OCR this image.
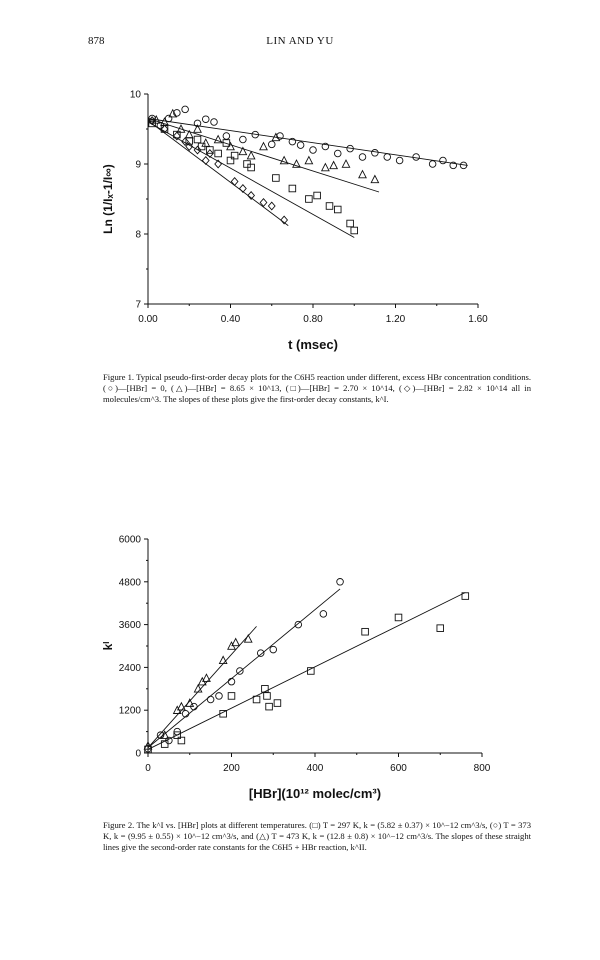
878	LIN AND YU
0.00	0.40	0.80	1.20	1.60
7
8
9
10
t (msec)
Ln (1/Iₓ-1/I∞)
Figure 1. Typical pseudo-first-order decay plots for the C6H5 reaction under different, excess HBr concentration conditions. (○)—[HBr] = 0, (△)—[HBr] = 8.65 × 10^13, (□)—[HBr] = 2.70 × 10^14, (◇)—[HBr] = 2.82 × 10^14 all in molecules/cm^3. The slopes of these plots give the first-order decay constants, k^I.
0	200	400	600	800
0
1200
2400
3600
4800
6000
[HBr](10¹² molec/cm³)
kᴵ
Figure 2. The k^I vs. [HBr] plots at different temperatures. (□) T = 297 K, k = (5.82 ± 0.37) × 10^−12 cm^3/s, (○) T = 373 K, k = (9.95 ± 0.55) × 10^−12 cm^3/s, and (△) T = 473 K, k = (12.8 ± 0.8) × 10^−12 cm^3/s. The slopes of these straight lines give the second-order rate constants for the C6H5 + HBr reaction, k^II.
